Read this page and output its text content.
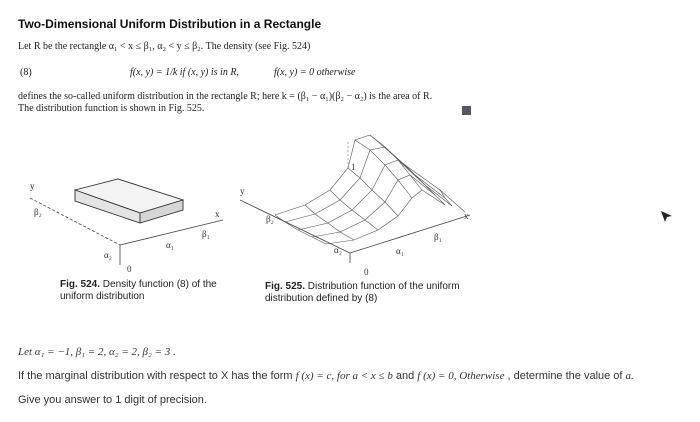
Two-Dimensional Uniform Distribution in a Rectangle
Let R be the rectangle α₁ < x ≤ β₁, α₂ < y ≤ β₂. The density (see Fig. 524)
(8)	f(x, y) = 1/k if (x, y) is in R,	f(x, y) = 0 otherwise
defines the so-called uniform distribution in the rectangle R; here k = (β₁ − α₁)(β₂ − α₂) is the area of R.
The distribution function is shown in Fig. 525.
y
β₂	x
β₁
α₂
α₁
0
y
β₂	x
β₁
α₂	α₁
0
1
Fig. 524. Density function (8) of the uniform distribution
Fig. 525. Distribution function of the uniform distribution defined by (8)
Let α₁ = −1, β₁ = 2, α₂ = 2, β₂ = 3 .
If the marginal distribution with respect to X has the form f (x) = c, for a < x ≤ b and f (x) = 0, Otherwise , determine the value of a.
Give you answer to 1 digit of precision.
